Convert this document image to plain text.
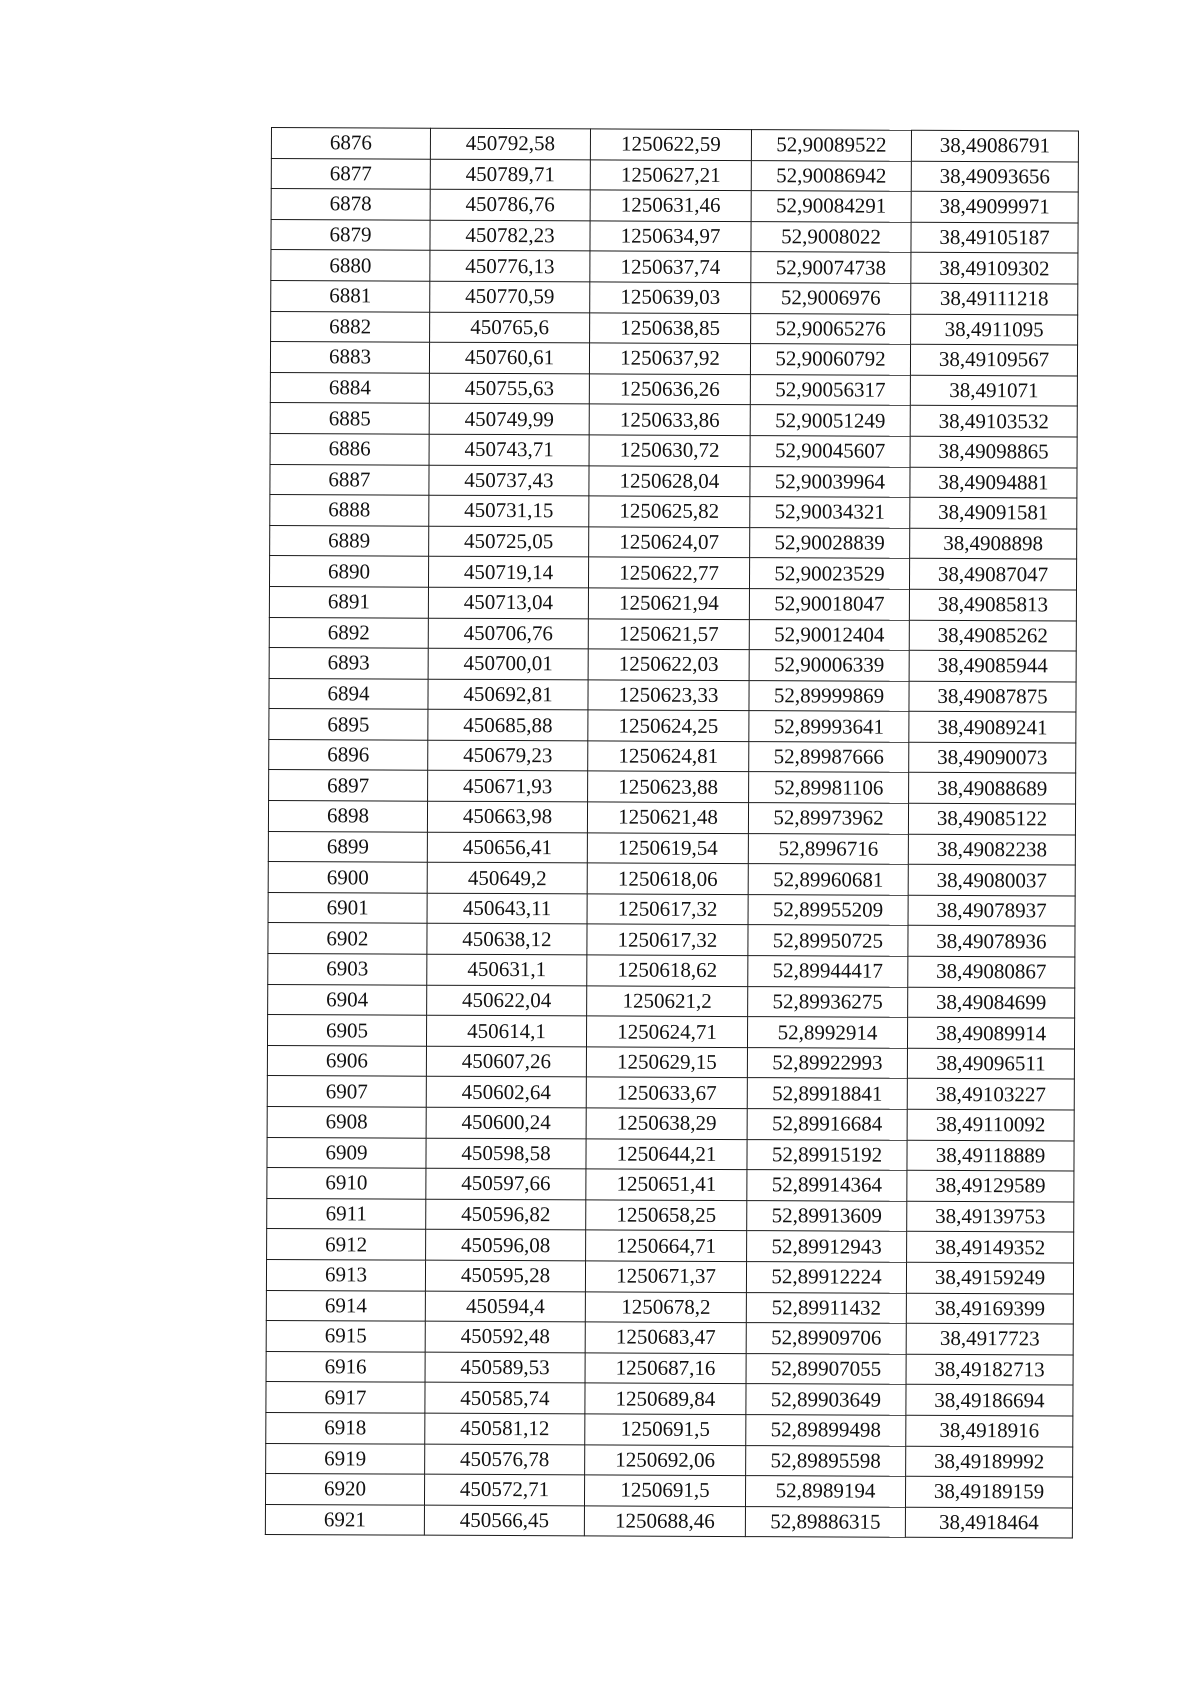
6876	450792,58	1250622,59	52,90089522	38,49086791
6877	450789,71	1250627,21	52,90086942	38,49093656
6878	450786,76	1250631,46	52,90084291	38,49099971
6879	450782,23	1250634,97	52,9008022	38,49105187
6880	450776,13	1250637,74	52,90074738	38,49109302
6881	450770,59	1250639,03	52,9006976	38,49111218
6882	450765,6	1250638,85	52,90065276	38,4911095
6883	450760,61	1250637,92	52,90060792	38,49109567
6884	450755,63	1250636,26	52,90056317	38,491071
6885	450749,99	1250633,86	52,90051249	38,49103532
6886	450743,71	1250630,72	52,90045607	38,49098865
6887	450737,43	1250628,04	52,90039964	38,49094881
6888	450731,15	1250625,82	52,90034321	38,49091581
6889	450725,05	1250624,07	52,90028839	38,4908898
6890	450719,14	1250622,77	52,90023529	38,49087047
6891	450713,04	1250621,94	52,90018047	38,49085813
6892	450706,76	1250621,57	52,90012404	38,49085262
6893	450700,01	1250622,03	52,90006339	38,49085944
6894	450692,81	1250623,33	52,89999869	38,49087875
6895	450685,88	1250624,25	52,89993641	38,49089241
6896	450679,23	1250624,81	52,89987666	38,49090073
6897	450671,93	1250623,88	52,89981106	38,49088689
6898	450663,98	1250621,48	52,89973962	38,49085122
6899	450656,41	1250619,54	52,8996716	38,49082238
6900	450649,2	1250618,06	52,89960681	38,49080037
6901	450643,11	1250617,32	52,89955209	38,49078937
6902	450638,12	1250617,32	52,89950725	38,49078936
6903	450631,1	1250618,62	52,89944417	38,49080867
6904	450622,04	1250621,2	52,89936275	38,49084699
6905	450614,1	1250624,71	52,8992914	38,49089914
6906	450607,26	1250629,15	52,89922993	38,49096511
6907	450602,64	1250633,67	52,89918841	38,49103227
6908	450600,24	1250638,29	52,89916684	38,49110092
6909	450598,58	1250644,21	52,89915192	38,49118889
6910	450597,66	1250651,41	52,89914364	38,49129589
6911	450596,82	1250658,25	52,89913609	38,49139753
6912	450596,08	1250664,71	52,89912943	38,49149352
6913	450595,28	1250671,37	52,89912224	38,49159249
6914	450594,4	1250678,2	52,89911432	38,49169399
6915	450592,48	1250683,47	52,89909706	38,4917723
6916	450589,53	1250687,16	52,89907055	38,49182713
6917	450585,74	1250689,84	52,89903649	38,49186694
6918	450581,12	1250691,5	52,89899498	38,4918916
6919	450576,78	1250692,06	52,89895598	38,49189992
6920	450572,71	1250691,5	52,8989194	38,49189159
6921	450566,45	1250688,46	52,89886315	38,4918464
